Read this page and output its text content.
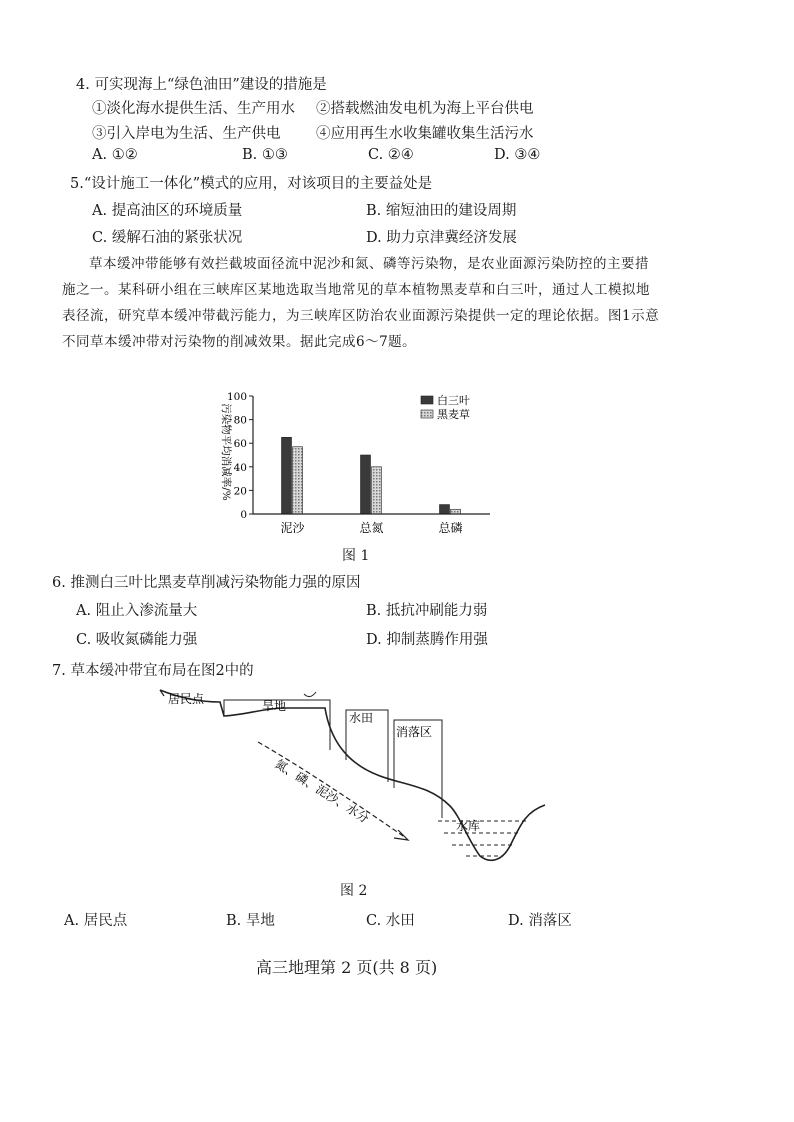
4. 可实现海上“绿色油田”建设的措施是
①淡化海水提供生活、生产用水 ②搭载燃油发电机为海上平台供电
③引入岸电为生活、生产供电 ④应用再生水收集罐收集生活污水
A. ①②	B. ①③	C. ②④	D. ③④
5.“设计施工一体化”模式的应用，对该项目的主要益处是
A. 提高油区的环境质量	B. 缩短油田的建设周期
C. 缓解石油的紧张状况	D. 助力京津冀经济发展

草本缓冲带能够有效拦截坡面径流中泥沙和氮、磷等污染物，是农业面源污染防控的主要措施之一。某科研小组在三峡库区某地选取当地常见的草本植物黑麦草和白三叶，通过人工模拟地表径流，研究草本缓冲带截污能力，为三峡库区防治农业面源污染提供一定的理论依据。图1示意不同草本缓冲带对污染物的削减效果。据此完成6～7题。

污染物平均消减率/%
0
20
40
60
80
100
泥沙	总氮	总磷
白三叶
黑麦草
图 1
6. 推测白三叶比黑麦草削减污染物能力强的原因
A. 阻止入渗流量大	B. 抵抗冲刷能力弱
C. 吸收氮磷能力强	D. 抑制蒸腾作用强
7. 草本缓冲带宜布局在图2中的
居民点	旱地
水田
消落区
水库
氮、磷、泥沙、水分
图 2
A. 居民点	B. 旱地	C. 水田	D. 消落区
高三地理第 2 页(共 8 页)
